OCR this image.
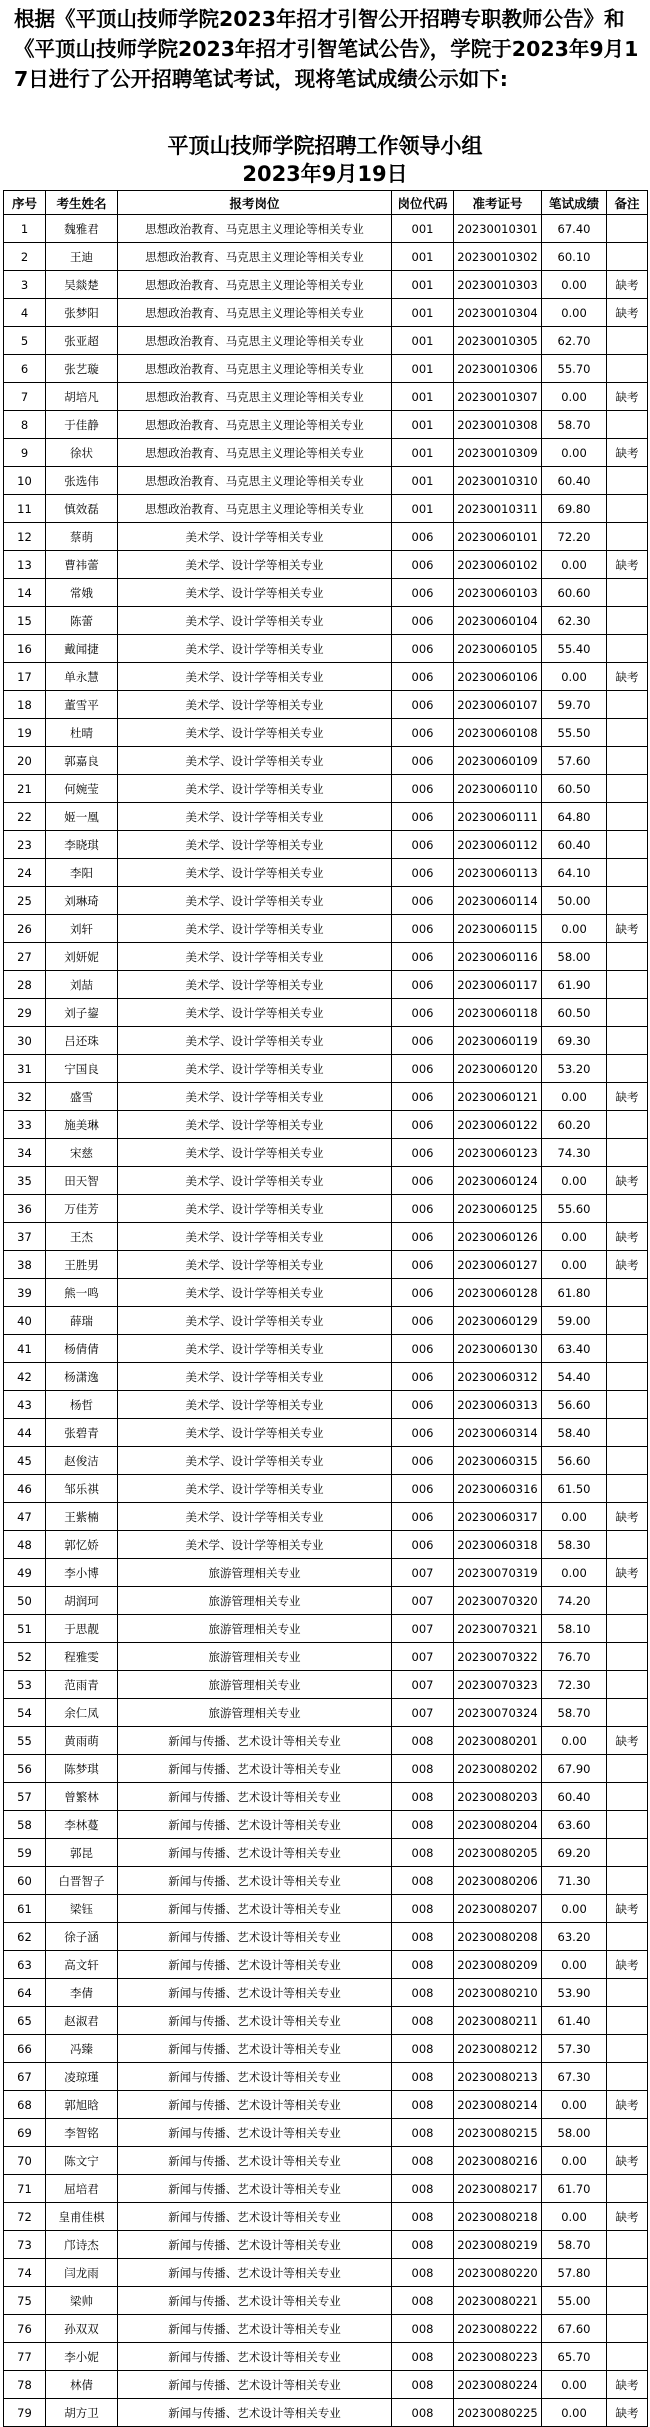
根据《平顶山技师学院2023年招才引智公开招聘专职教师公告》和《平顶山技师学院2023年招才引智笔试公告》，学院于2023年9月17日进行了公开招聘笔试考试，现将笔试成绩公示如下:

平顶山技师学院招聘工作领导小组
2023年9月19日
序号	考生姓名	报考岗位	岗位代码	准考证号	笔试成绩	备注
1	魏雅君	思想政治教育、马克思主义理论等相关专业	001	20230010301	67.40	
2	王迪	思想政治教育、马克思主义理论等相关专业	001	20230010302	60.10	
3	吴燚楚	思想政治教育、马克思主义理论等相关专业	001	20230010303	0.00	缺考
4	张梦阳	思想政治教育、马克思主义理论等相关专业	001	20230010304	0.00	缺考
5	张亚超	思想政治教育、马克思主义理论等相关专业	001	20230010305	62.70	
6	张艺璇	思想政治教育、马克思主义理论等相关专业	001	20230010306	55.70	
7	胡培凡	思想政治教育、马克思主义理论等相关专业	001	20230010307	0.00	缺考
8	于佳静	思想政治教育、马克思主义理论等相关专业	001	20230010308	58.70	
9	徐状	思想政治教育、马克思主义理论等相关专业	001	20230010309	0.00	缺考
10	张选伟	思想政治教育、马克思主义理论等相关专业	001	20230010310	60.40	
11	慎效磊	思想政治教育、马克思主义理论等相关专业	001	20230010311	69.80	
12	蔡萌	美术学、设计学等相关专业	006	20230060101	72.20	
13	曹祎蕾	美术学、设计学等相关专业	006	20230060102	0.00	缺考
14	常娥	美术学、设计学等相关专业	006	20230060103	60.60	
15	陈蕾	美术学、设计学等相关专业	006	20230060104	62.30	
16	戴闻捷	美术学、设计学等相关专业	006	20230060105	55.40	
17	单永慧	美术学、设计学等相关专业	006	20230060106	0.00	缺考
18	董雪平	美术学、设计学等相关专业	006	20230060107	59.70	
19	杜晴	美术学、设计学等相关专业	006	20230060108	55.50	
20	郭嘉良	美术学、设计学等相关专业	006	20230060109	57.60	
21	何婉莹	美术学、设计学等相关专业	006	20230060110	60.50	
22	姬一凰	美术学、设计学等相关专业	006	20230060111	64.80	
23	李晓琪	美术学、设计学等相关专业	006	20230060112	60.40	
24	李阳	美术学、设计学等相关专业	006	20230060113	64.10	
25	刘琳琦	美术学、设计学等相关专业	006	20230060114	50.00	
26	刘轩	美术学、设计学等相关专业	006	20230060115	0.00	缺考
27	刘妍妮	美术学、设计学等相关专业	006	20230060116	58.00	
28	刘喆	美术学、设计学等相关专业	006	20230060117	61.90	
29	刘子鋆	美术学、设计学等相关专业	006	20230060118	60.50	
30	吕还珠	美术学、设计学等相关专业	006	20230060119	69.30	
31	宁国良	美术学、设计学等相关专业	006	20230060120	53.20	
32	盛雪	美术学、设计学等相关专业	006	20230060121	0.00	缺考
33	施美琳	美术学、设计学等相关专业	006	20230060122	60.20	
34	宋慈	美术学、设计学等相关专业	006	20230060123	74.30	
35	田天智	美术学、设计学等相关专业	006	20230060124	0.00	缺考
36	万佳芳	美术学、设计学等相关专业	006	20230060125	55.60	
37	王杰	美术学、设计学等相关专业	006	20230060126	0.00	缺考
38	王胜男	美术学、设计学等相关专业	006	20230060127	0.00	缺考
39	熊一鸣	美术学、设计学等相关专业	006	20230060128	61.80	
40	薛瑞	美术学、设计学等相关专业	006	20230060129	59.00	
41	杨倩倩	美术学、设计学等相关专业	006	20230060130	63.40	
42	杨潇逸	美术学、设计学等相关专业	006	20230060312	54.40	
43	杨哲	美术学、设计学等相关专业	006	20230060313	56.60	
44	张碧青	美术学、设计学等相关专业	006	20230060314	58.40	
45	赵俊洁	美术学、设计学等相关专业	006	20230060315	56.60	
46	邹乐祺	美术学、设计学等相关专业	006	20230060316	61.50	
47	王紫楠	美术学、设计学等相关专业	006	20230060317	0.00	缺考
48	郭忆娇	美术学、设计学等相关专业	006	20230060318	58.30	
49	李小博	旅游管理相关专业	007	20230070319	0.00	缺考
50	胡润珂	旅游管理相关专业	007	20230070320	74.20	
51	于思靓	旅游管理相关专业	007	20230070321	58.10	
52	程雅雯	旅游管理相关专业	007	20230070322	76.70	
53	范雨青	旅游管理相关专业	007	20230070323	72.30	
54	余仁凤	旅游管理相关专业	007	20230070324	58.70	
55	黄雨萌	新闻与传播、艺术设计等相关专业	008	20230080201	0.00	缺考
56	陈梦琪	新闻与传播、艺术设计等相关专业	008	20230080202	67.90	
57	曾繁林	新闻与传播、艺术设计等相关专业	008	20230080203	60.40	
58	李林蔓	新闻与传播、艺术设计等相关专业	008	20230080204	63.60	
59	郭昆	新闻与传播、艺术设计等相关专业	008	20230080205	69.20	
60	白晋智子	新闻与传播、艺术设计等相关专业	008	20230080206	71.30	
61	梁钰	新闻与传播、艺术设计等相关专业	008	20230080207	0.00	缺考
62	徐子涵	新闻与传播、艺术设计等相关专业	008	20230080208	63.20	
63	高文轩	新闻与传播、艺术设计等相关专业	008	20230080209	0.00	缺考
64	李倩	新闻与传播、艺术设计等相关专业	008	20230080210	53.90	
65	赵淑君	新闻与传播、艺术设计等相关专业	008	20230080211	61.40	
66	冯臻	新闻与传播、艺术设计等相关专业	008	20230080212	57.30	
67	凌琼瑾	新闻与传播、艺术设计等相关专业	008	20230080213	67.30	
68	郭旭晗	新闻与传播、艺术设计等相关专业	008	20230080214	0.00	缺考
69	李智铭	新闻与传播、艺术设计等相关专业	008	20230080215	58.00	
70	陈文宁	新闻与传播、艺术设计等相关专业	008	20230080216	0.00	缺考
71	屈培君	新闻与传播、艺术设计等相关专业	008	20230080217	61.70	
72	皇甫佳棋	新闻与传播、艺术设计等相关专业	008	20230080218	0.00	缺考
73	邝诗杰	新闻与传播、艺术设计等相关专业	008	20230080219	58.70	
74	闫龙雨	新闻与传播、艺术设计等相关专业	008	20230080220	57.80	
75	梁帅	新闻与传播、艺术设计等相关专业	008	20230080221	55.00	
76	孙双双	新闻与传播、艺术设计等相关专业	008	20230080222	67.60	
77	李小妮	新闻与传播、艺术设计等相关专业	008	20230080223	65.70	
78	林倩	新闻与传播、艺术设计等相关专业	008	20230080224	0.00	缺考
79	胡方卫	新闻与传播、艺术设计等相关专业	008	20230080225	0.00	缺考
